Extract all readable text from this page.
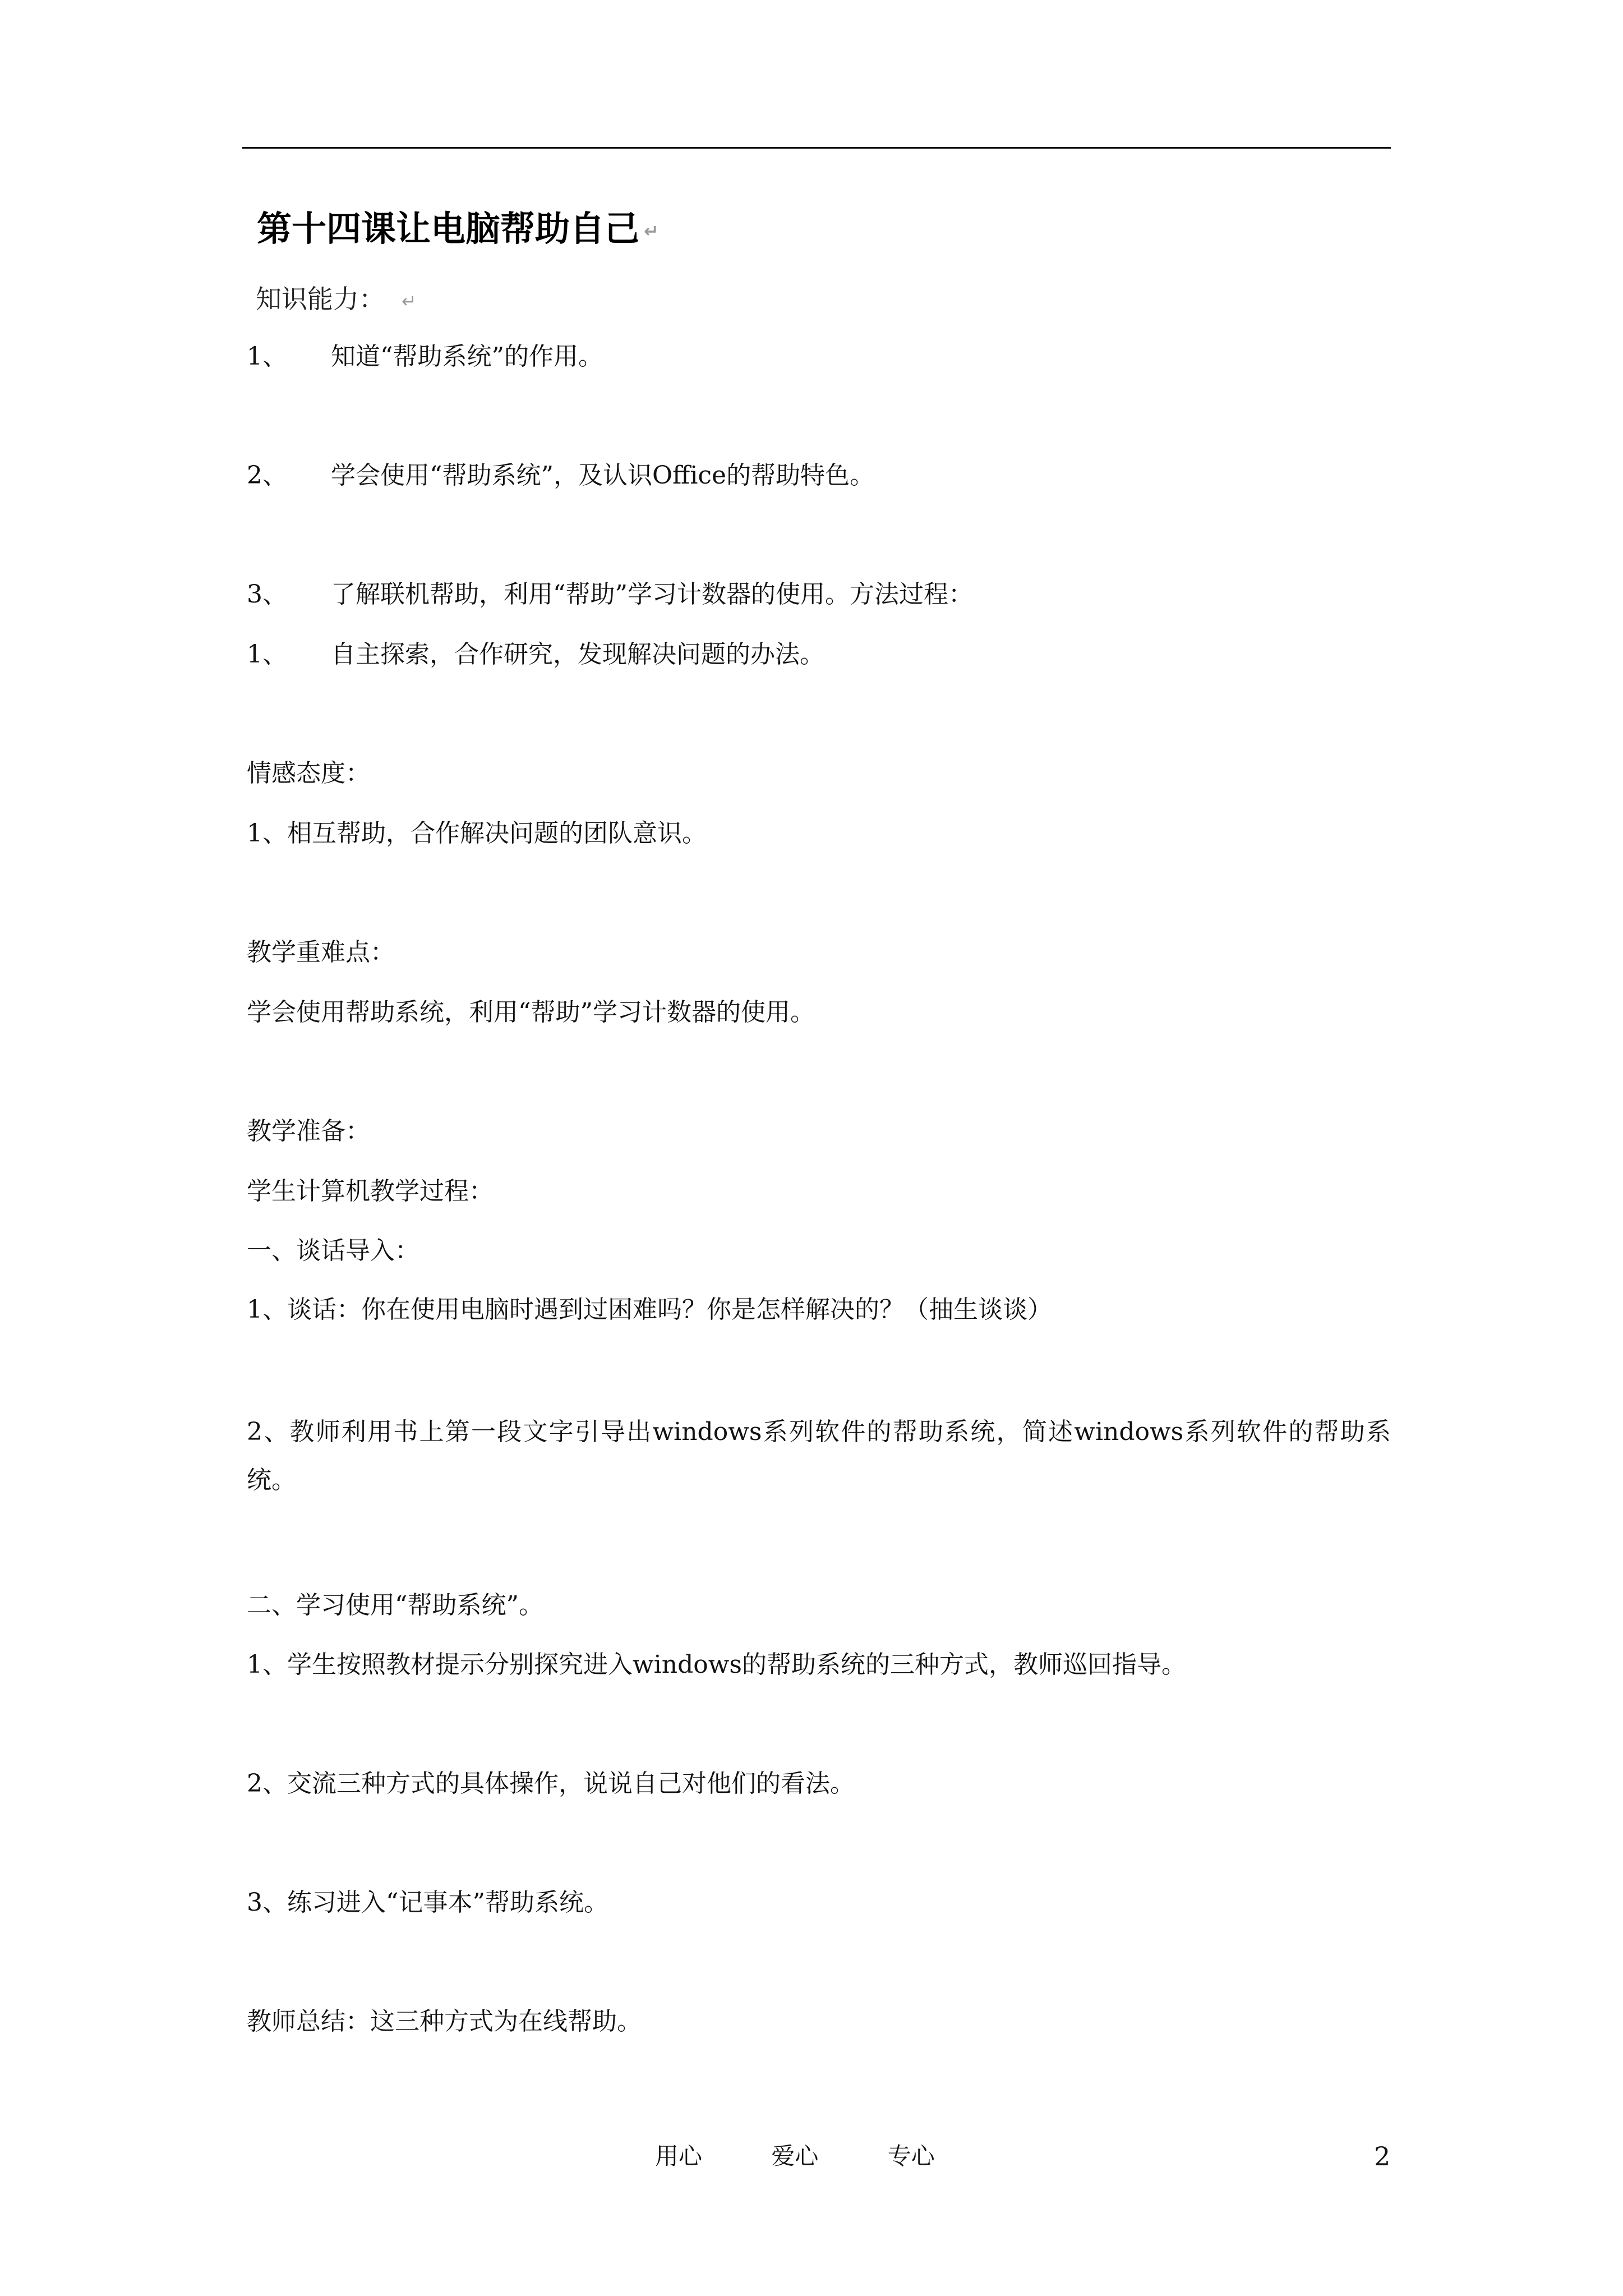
第十四课让电脑帮助自己 ↵
知识能力： ↵
1、 知道“帮助系统”的作用。
2、 学会使用“帮助系统”，及认识Office的帮助特色。
3、 了解联机帮助，利用“帮助”学习计数器的使用。方法过程：
1、 自主探索，合作研究，发现解决问题的办法。
情感态度：
1、相互帮助，合作解决问题的团队意识。
教学重难点：
学会使用帮助系统，利用“帮助”学习计数器的使用。
教学准备：
学生计算机教学过程：
一、谈话导入：
1、谈话：你在使用电脑时遇到过困难吗？你是怎样解决的？（抽生谈谈）
2、教师利用书上第一段文字引导出windows系列软件的帮助系统，简述windows系列软件的帮助系统。
二、学习使用“帮助系统”。
1、学生按照教材提示分别探究进入windows的帮助系统的三种方式，教师巡回指导。
2、交流三种方式的具体操作，说说自己对他们的看法。
3、练习进入“记事本”帮助系统。
教师总结：这三种方式为在线帮助。
用心	爱心	专心	2
